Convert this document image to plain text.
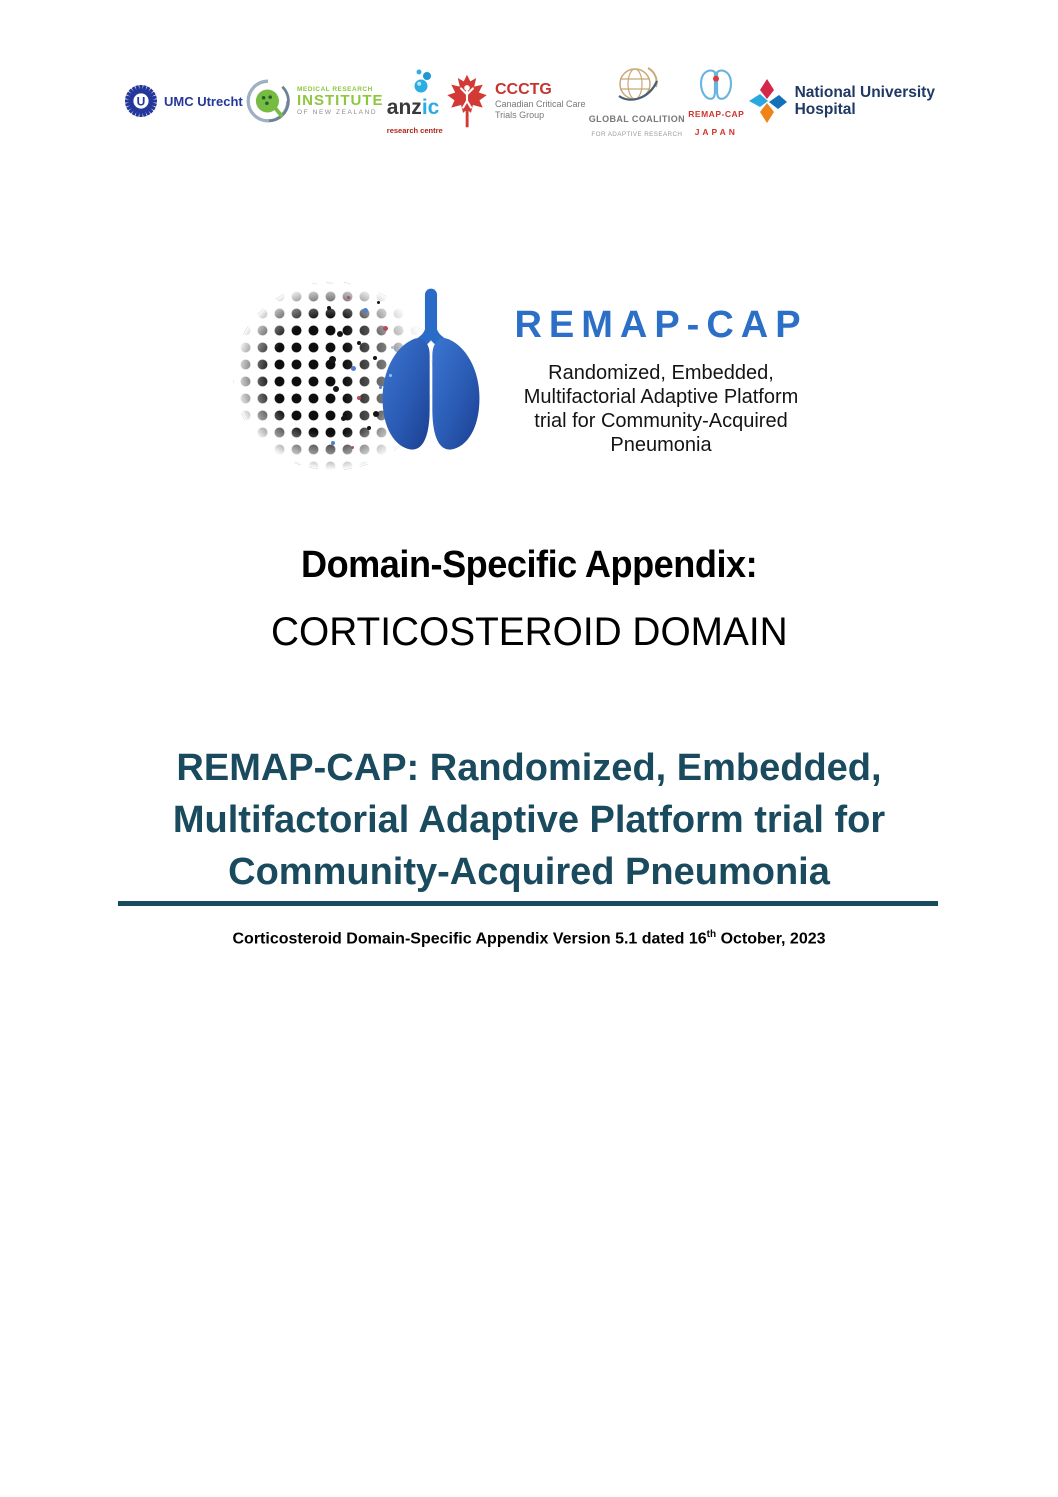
U UMC Utrecht
MEDICAL RESEARCH
INSTITUTE
OF NEW ZEALAND anzic
research centre
CCCTG
Canadian Critical Care
Trials Group	GLOBAL COALITION
FOR ADAPTIVE RESEARCH
REMAP-CAP
JAPAN
National University
Hospital
REMAP-CAP
Randomized, Embedded,
Multifactorial Adaptive Platform
trial for Community-Acquired
Pneumonia
Domain-Specific Appendix:
CORTICOSTEROID DOMAIN
REMAP-CAP: Randomized, Embedded,
Multifactorial Adaptive Platform trial for
Community-Acquired Pneumonia
Corticosteroid Domain-Specific Appendix Version 5.1 dated 16th October, 2023
